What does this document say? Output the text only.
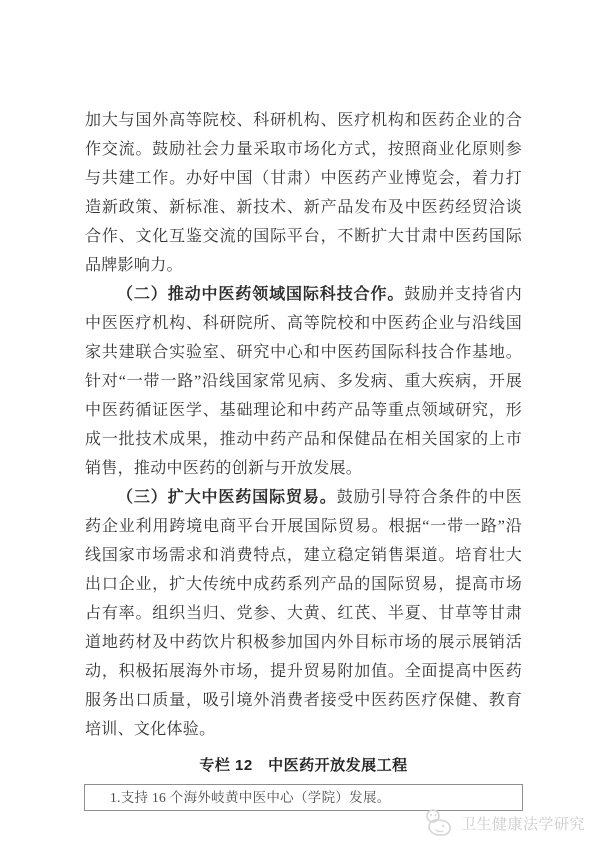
加大与国外高等院校、科研机构、医疗机构和医药企业的合作交流。鼓励社会力量采取市场化方式，按照商业化原则参与共建工作。办好中国（甘肃）中医药产业博览会，着力打造新政策、新标准、新技术、新产品发布及中医药经贸洽谈合作、文化互鉴交流的国际平台，不断扩大甘肃中医药国际品牌影响力。

（二）推动中医药领域国际科技合作。鼓励并支持省内中医医疗机构、科研院所、高等院校和中医药企业与沿线国家共建联合实验室、研究中心和中医药国际科技合作基地。针对“一带一路”沿线国家常见病、多发病、重大疾病，开展中医药循证医学、基础理论和中药产品等重点领域研究，形成一批技术成果，推动中药产品和保健品在相关国家的上市销售，推动中医药的创新与开放发展。

（三）扩大中医药国际贸易。鼓励引导符合条件的中医药企业利用跨境电商平台开展国际贸易。根据“一带一路”沿线国家市场需求和消费特点，建立稳定销售渠道。培育壮大出口企业，扩大传统中成药系列产品的国际贸易，提高市场占有率。组织当归、党参、大黄、红芪、半夏、甘草等甘肃道地药材及中药饮片积极参加国内外目标市场的展示展销活动，积极拓展海外市场，提升贸易附加值。全面提高中医药服务出口质量，吸引境外消费者接受中医药医疗保健、教育培训、文化体验。

专栏 12　中医药开放发展工程
1.支持 16 个海外岐黄中医中心（学院）发展。
卫生健康法学研究
